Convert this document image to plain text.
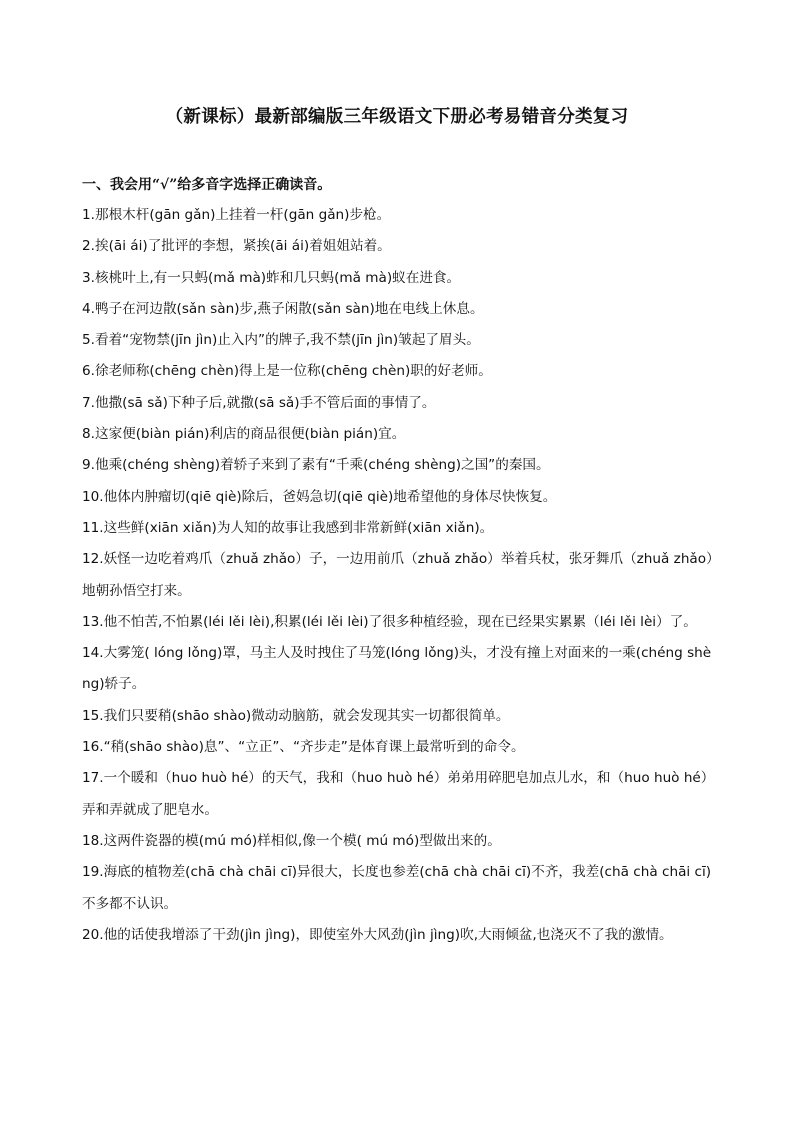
（新课标）最新部编版三年级语文下册必考易错音分类复习
一、我会用“√”给多音字选择正确读音。
1.那根木杆(gān gǎn)上挂着一杆(gān gǎn)步枪。
2.挨(āi ái)了批评的李想，紧挨(āi ái)着姐姐站着。
3.核桃叶上,有一只蚂(mǎ mà)蚱和几只蚂(mǎ mà)蚁在进食。
4.鸭子在河边散(sǎn sàn)步,燕子闲散(sǎn sàn)地在电线上休息。
5.看着“宠物禁(jīn jìn)止入内”的牌子,我不禁(jīn jìn)皱起了眉头。
6.徐老师称(chēng chèn)得上是一位称(chēng chèn)职的好老师。
7.他撒(sā sǎ)下种子后,就撒(sā sǎ)手不管后面的事情了。
8.这家便(biàn pián)利店的商品很便(biàn pián)宜。
9.他乘(chéng shèng)着轿子来到了素有“千乘(chéng shèng)之国”的秦国。
10.他体内肿瘤切(qiē qiè)除后，爸妈急切(qiē qiè)地希望他的身体尽快恢复。
11.这些鲜(xiān xiǎn)为人知的故事让我感到非常新鲜(xiān xiǎn)。
12.妖怪一边吃着鸡爪（zhuǎ zhǎo）子，一边用前爪（zhuǎ zhǎo）举着兵杖，张牙舞爪（zhuǎ zhǎo）地朝孙悟空打来。
13.他不怕苦,不怕累(léi lěi lèi),积累(léi lěi lèi)了很多种植经验，现在已经果实累累（léi lěi lèi）了。
14.大雾笼( lóng lǒng)罩，马主人及时拽住了马笼(lóng lǒng)头，才没有撞上对面来的一乘(chéng shèng)轿子。
15.我们只要稍(shāo shào)微动动脑筋，就会发现其实一切都很简单。
16.“稍(shāo shào)息”、“立正”、“齐步走”是体育课上最常听到的命令。
17.一个暖和（huo huò hé）的天气，我和（huo huò hé）弟弟用碎肥皂加点儿水，和（huo huò hé）弄和弄就成了肥皂水。
18.这两件瓷器的模(mú mó)样相似,像一个模( mú mó)型做出来的。
19.海底的植物差(chā chà chāi cī)异很大，长度也参差(chā chà chāi cī)不齐，我差(chā chà chāi cī)不多都不认识。
20.他的话使我增添了干劲(jìn jìng)，即使室外大风劲(jìn jìng)吹,大雨倾盆,也浇灭不了我的激情。
